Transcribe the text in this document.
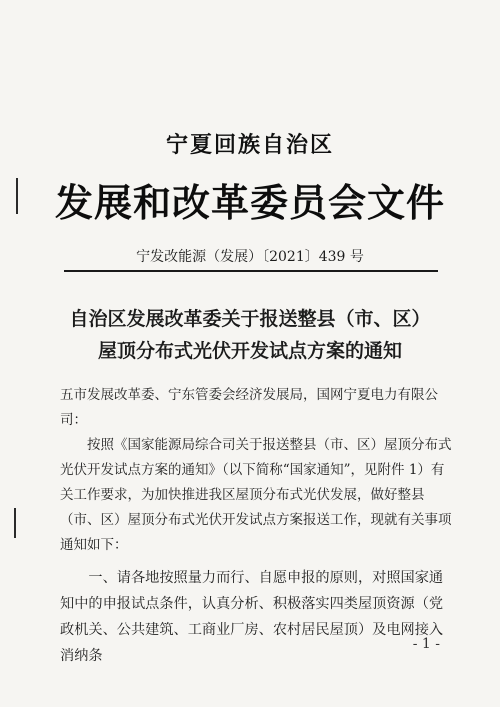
宁夏回族自治区
发展和改革委员会文件
宁发改能源（发展）〔2021〕439 号
自治区发展改革委关于报送整县（市、区）
屋顶分布式光伏开发试点方案的通知

五市发展改革委、宁东管委会经济发展局，国网宁夏电力有限公司：

按照《国家能源局综合司关于报送整县（市、区）屋顶分布式光伏开发试点方案的通知》（以下简称“国家通知”，见附件 1）有关工作要求，为加快推进我区屋顶分布式光伏发展，做好整县（市、区）屋顶分布式光伏开发试点方案报送工作，现就有关事项通知如下：

一、请各地按照量力而行、自愿申报的原则，对照国家通知中的申报试点条件，认真分析、积极落实四类屋顶资源（党政机关、公共建筑、工商业厂房、农村居民屋顶）及电网接入消纳条

- 1 -
